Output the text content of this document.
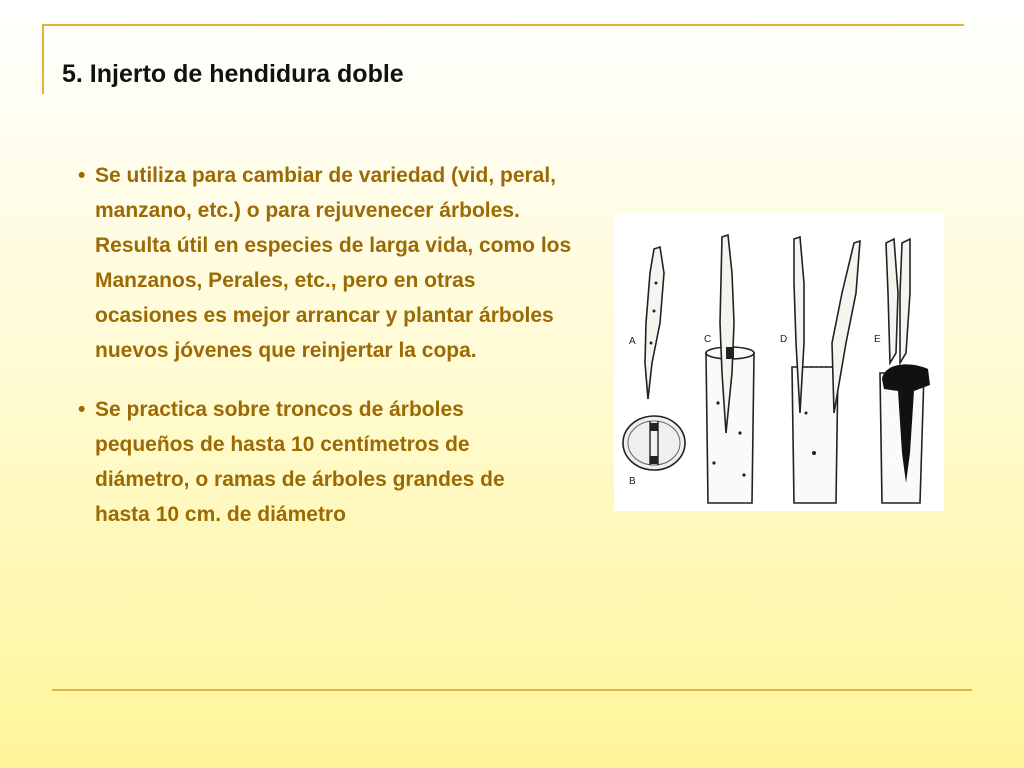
5. Injerto de hendidura doble
• Se utiliza para cambiar de variedad (vid, peral, manzano, etc.) o para rejuvenecer árboles. Resulta útil en especies de larga vida, como los Manzanos, Perales, etc., pero en otras ocasiones es mejor arrancar y plantar árboles nuevos jóvenes que reinjertar la copa.
• Se practica sobre troncos de árboles pequeños de hasta 10 centímetros de diámetro, o ramas de árboles grandes de hasta 10 cm. de diámetro
A
B
C	D	E
